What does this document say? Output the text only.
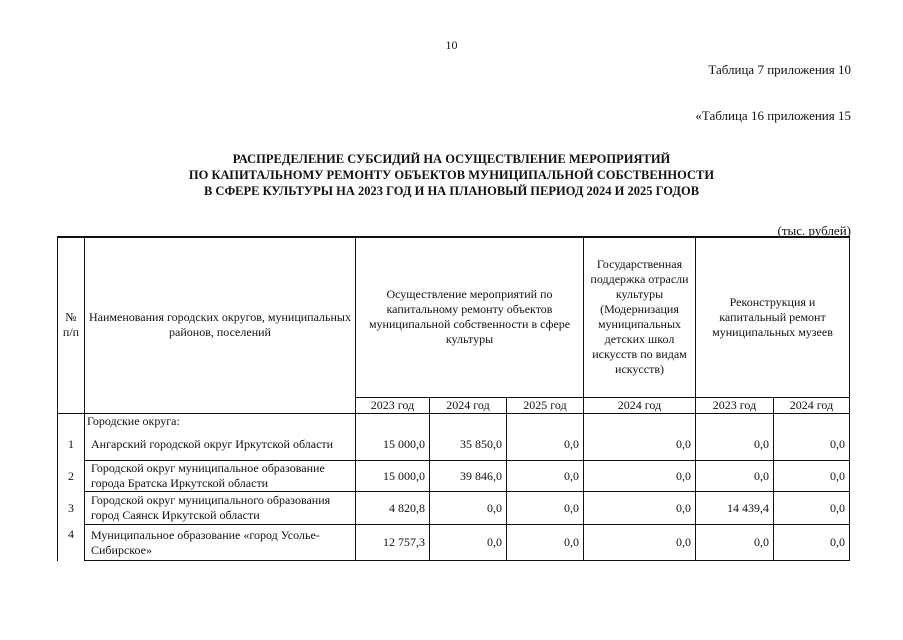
10
Таблица 7 приложения 10
«Таблица 16 приложения 15
РАСПРЕДЕЛЕНИЕ СУБСИДИЙ НА ОСУЩЕСТВЛЕНИЕ МЕРОПРИЯТИЙ
ПО КАПИТАЛЬНОМУ РЕМОНТУ ОБЪЕКТОВ МУНИЦИПАЛЬНОЙ СОБСТВЕННОСТИ
В СФЕРЕ КУЛЬТУРЫ НА 2023 ГОД И НА ПЛАНОВЫЙ ПЕРИОД 2024 И 2025 ГОДОВ
(тыс. рублей)
№ п/п	Наименования городских округов, муниципальных районов, поселений	Осуществление мероприятий по капитальному ремонту объектов муниципальной собственности в сфере культуры			Государственная поддержка отрасли культуры (Модернизация муниципальных детских школ искусств по видам искусств)	Реконструкция и капитальный ремонт муниципальных музеев	
		2023 год	2024 год	2025 год	2024 год	2023 год	2024 год
	Городские округа:						
1	Ангарский городской округ Иркутской области	15 000,0	35 850,0	0,0	0,0	0,0	0,0
2	Городской округ муниципальное образование города Братска Иркутской области	15 000,0	39 846,0	0,0	0,0	0,0	0,0
3	Городской округ муниципального образования город Саянск Иркутской области	4 820,8	0,0	0,0	0,0	14 439,4	0,0
4	Муниципальное образование «город Усолье-Сибирское»	12 757,3	0,0	0,0	0,0	0,0	0,0
